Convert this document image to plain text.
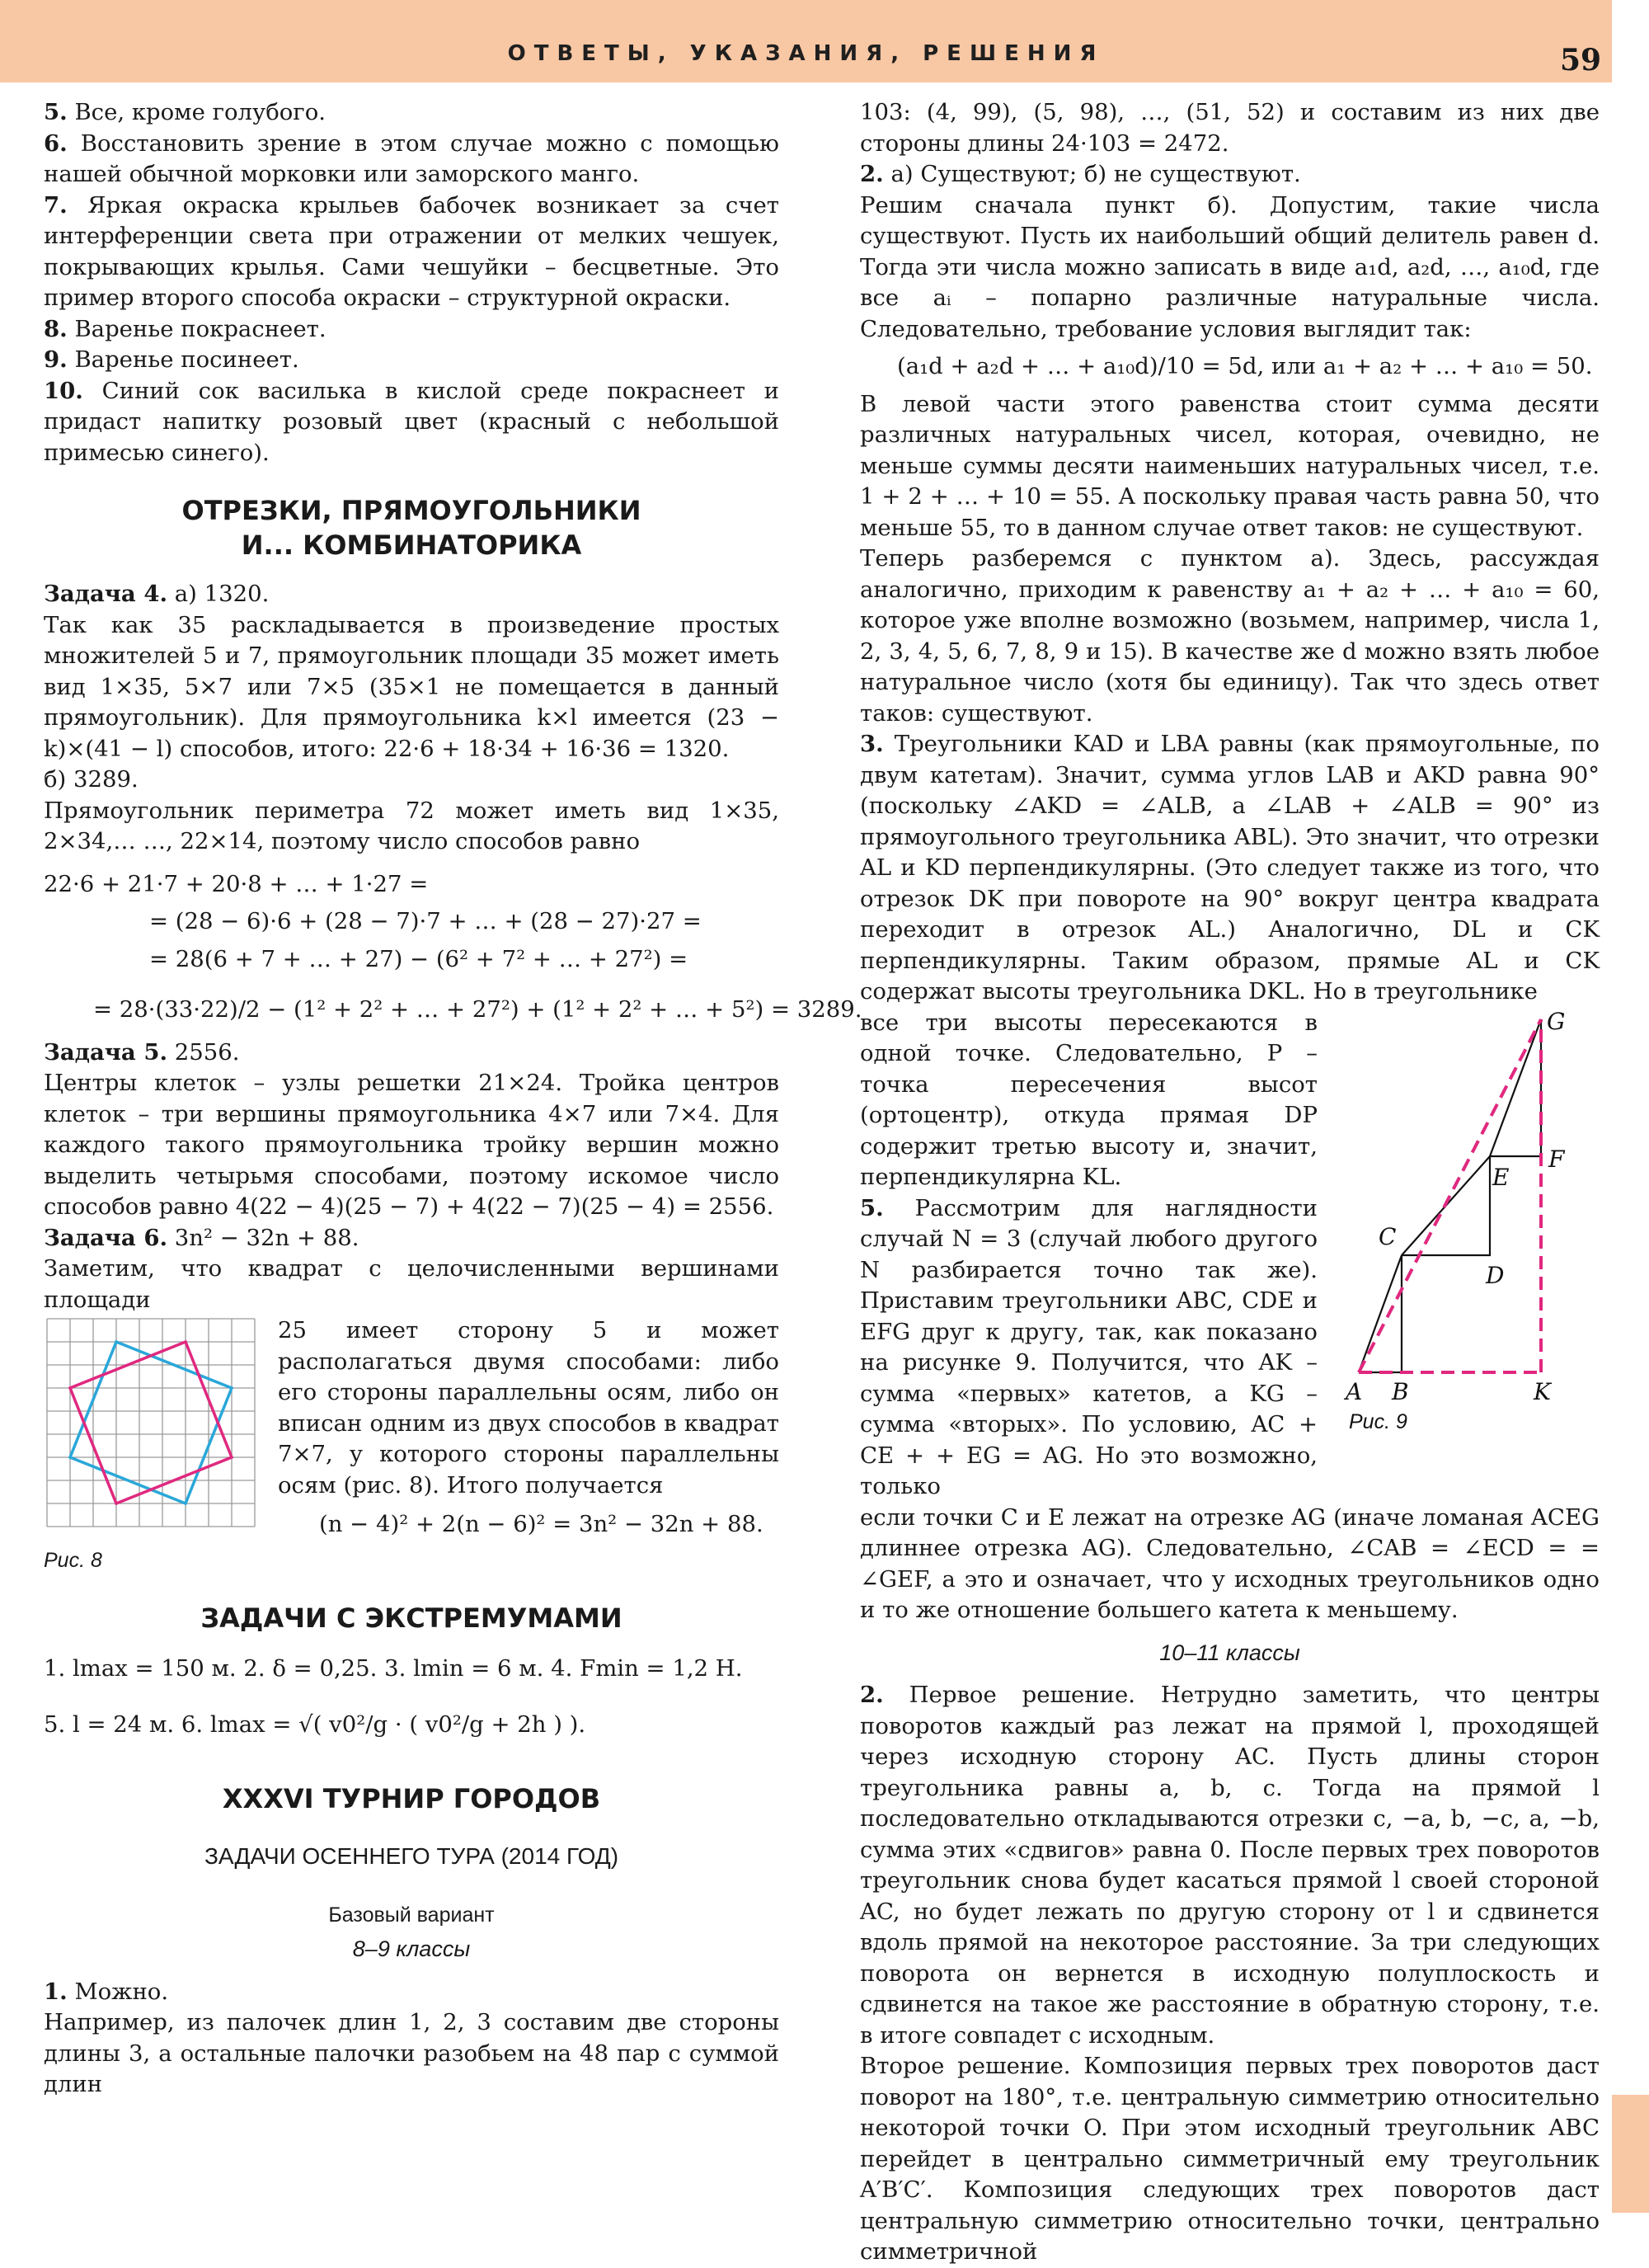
ОТВЕТЫ, УКАЗАНИЯ, РЕШЕНИЯ	59

5. Все, кроме голубого.

6. Восстановить зрение в этом случае можно с помощью нашей обычной морковки или заморского манго.

7. Яркая окраска крыльев бабочек возникает за счет интерференции света при отражении от мелких чешуек, покрывающих крылья. Сами чешуйки – бесцветные. Это пример второго способа окраски – структурной окраски.

8. Варенье покраснеет.

9. Варенье посинеет.

10. Синий сок василька в кислой среде покраснеет и придаст напитку розовый цвет (красный с небольшой примесью синего).

ОТРЕЗКИ, ПРЯМОУГОЛЬНИКИ И... КОМБИНАТОРИКА

Задача 4. а) 1320.

Так как 35 раскладывается в произведение простых множителей 5 и 7, прямоугольник площади 35 может иметь вид 1×35, 5×7 или 7×5 (35×1 не помещается в данный прямоугольник). Для прямоугольника k×l имеется (23 − k)×(41 − l) способов, итого: 22·6 + 18·34 + 16·36 = 1320.

б) 3289.

Прямоугольник периметра 72 может иметь вид 1×35, 2×34,… …, 22×14, поэтому число способов равно

22·6 + 21·7 + 20·8 + … + 1·27 =
= (28 − 6)·6 + (28 − 7)·7 + … + (28 − 27)·27 =
= 28(6 + 7 + … + 27) − (6² + 7² + … + 27²) =
= 28·(33·22)/2 − (1² + 2² + … + 27²) + (1² + 2² + … + 5²) = 3289.

Задача 5. 2556.

Центры клеток – узлы решетки 21×24. Тройка центров клеток – три вершины прямоугольника 4×7 или 7×4. Для каждого такого прямоугольника тройку вершин можно выделить четырьмя способами, поэтому искомое число способов равно 4(22 − 4)(25 − 7) + 4(22 − 7)(25 − 4) = 2556.

Задача 6. 3n² − 32n + 88.

Заметим, что квадрат с целочисленными вершинами площади

Рис. 8

25 имеет сторону 5 и может располагаться двумя способами: либо его стороны параллельны осям, либо он вписан одним из двух способов в квадрат 7×7, у которого стороны параллельны осям (рис. 8). Итого получается

(n − 4)² + 2(n − 6)² = 3n² − 32n + 88.
ЗАДАЧИ С ЭКСТРЕМУМАМИ
1. lmax = 150 м. 2. δ = 0,25. 3. lmin = 6 м. 4. Fmin = 1,2 Н.
5. l = 24 м. 6. lmax = √( v0²/g · ( v0²/g + 2h ) ).
XXXVI ТУРНИР ГОРОДОВ
ЗАДАЧИ ОСЕННЕГО ТУРА (2014 ГОД)
Базовый вариант
8–9 классы

1. Можно.

Например, из палочек длин 1, 2, 3 составим две стороны длины 3, а остальные палочки разобьем на 48 пар с суммой длин

103: (4, 99), (5, 98), …, (51, 52) и составим из них две стороны длины 24·103 = 2472.

2. а) Существуют; б) не существуют.

Решим сначала пункт б). Допустим, такие числа существуют. Пусть их наибольший общий делитель равен d. Тогда эти числа можно записать в виде a₁d, a₂d, …, a₁₀d, где все aᵢ – попарно различные натуральные числа. Следовательно, требование условия выглядит так:

(a₁d + a₂d + … + a₁₀d)/10 = 5d, или a₁ + a₂ + … + a₁₀ = 50.

В левой части этого равенства стоит сумма десяти различных натуральных чисел, которая, очевидно, не меньше суммы десяти наименьших натуральных чисел, т.е. 1 + 2 + … + 10 = 55. А поскольку правая часть равна 50, что меньше 55, то в данном случае ответ таков: не существуют.

Теперь разберемся с пунктом а). Здесь, рассуждая аналогично, приходим к равенству a₁ + a₂ + … + a₁₀ = 60, которое уже вполне возможно (возьмем, например, числа 1, 2, 3, 4, 5, 6, 7, 8, 9 и 15). В качестве же d можно взять любое натуральное число (хотя бы единицу). Так что здесь ответ таков: существуют.

3. Треугольники KAD и LBA равны (как прямоугольные, по двум катетам). Значит, сумма углов LAB и AKD равна 90° (поскольку ∠AKD = ∠ALB, а ∠LAB + ∠ALB = 90° из прямоугольного треугольника ABL). Это значит, что отрезки AL и KD перпендикулярны. (Это следует также из того, что отрезок DK при повороте на 90° вокруг центра квадрата переходит в отрезок AL.) Аналогично, DL и CK перпендикулярны. Таким образом, прямые AL и CK содержат высоты треугольника DKL. Но в треугольнике

все три высоты пересекаются в одной точке. Следовательно, P – точка пересечения высот (ортоцентр), откуда прямая DP содержит третью высоту и, значит, перпендикулярна KL.

5. Рассмотрим для наглядности случай N = 3 (случай любого другого N разбирается точно так же). Приставим треугольники ABC, CDE и EFG друг к другу, так, как показано на рисунке 9. Получится, что AK – сумма «первых» катетов, а KG – сумма «вторых». По условию, AC + CE + + EG = AG. Но это возможно, только

G
F
E
C
D
A B	K
Рис. 9

если точки C и E лежат на отрезке AG (иначе ломаная ACEG длиннее отрезка AG). Следовательно, ∠CAB = ∠ECD = = ∠GEF, а это и означает, что у исходных треугольников одно и то же отношение большего катета к меньшему.

10–11 классы

2. Первое решение. Нетрудно заметить, что центры поворотов каждый раз лежат на прямой l, проходящей через исходную сторону AC. Пусть длины сторон треугольника равны a, b, c. Тогда на прямой l последовательно откладываются отрезки c, −a, b, −c, a, −b, сумма этих «сдвигов» равна 0. После первых трех поворотов треугольник снова будет касаться прямой l своей стороной AC, но будет лежать по другую сторону от l и сдвинется вдоль прямой на некоторое расстояние. За три следующих поворота он вернется в исходную полуплоскость и сдвинется на такое же расстояние в обратную сторону, т.е. в итоге совпадет с исходным.

Второе решение. Композиция первых трех поворотов даст поворот на 180°, т.е. центральную симметрию относительно некоторой точки O. При этом исходный треугольник ABC перейдет в центрально симметричный ему треугольник A′B′C′. Композиция следующих трех поворотов даст центральную симметрию относительно точки, центрально симметричной
